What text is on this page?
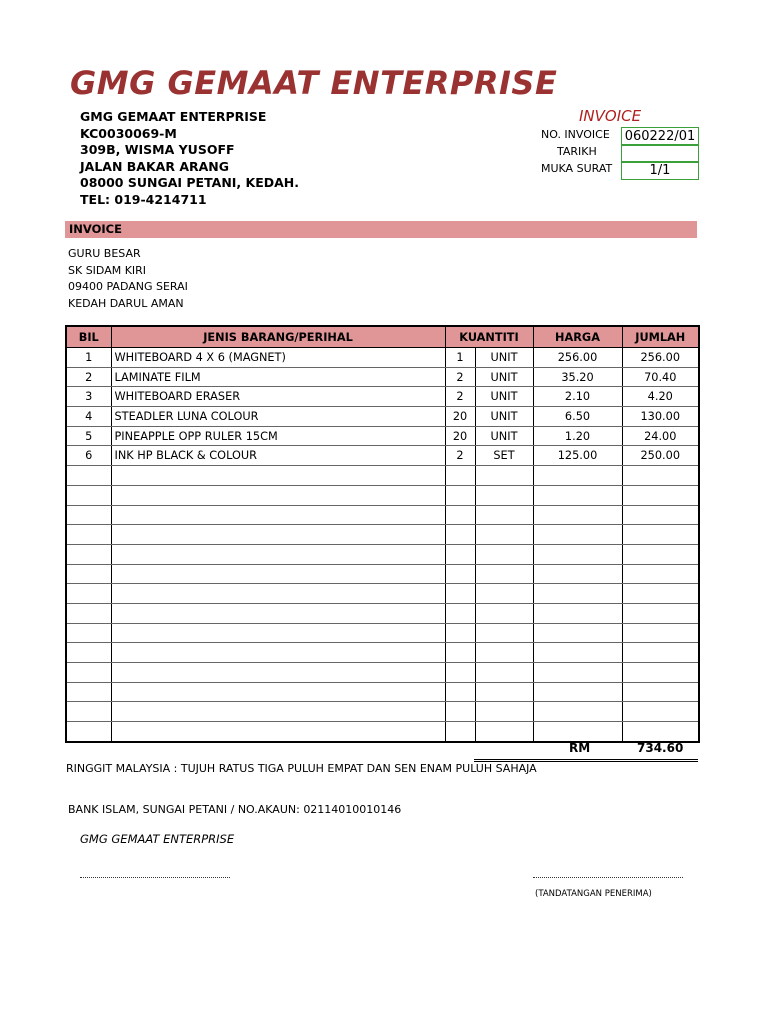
GMG GEMAAT ENTERPRISE
GMG GEMAAT ENTERPRISE
KC0030069-M
309B, WISMA YUSOFF
JALAN BAKAR ARANG
08000 SUNGAI PETANI, KEDAH.
TEL: 019-4214711
INVOICE
NO. INVOICE 060222/01
TARIKH
MUKA SURAT	1/1
INVOICE
GURU BESAR
SK SIDAM KIRI
09400 PADANG SERAI
KEDAH DARUL AMAN
BIL	JENIS BARANG/PERIHAL	KUANTITI		HARGA	JUMLAH
1	WHITEBOARD 4 X 6 (MAGNET)	1	UNIT	256.00	256.00
2	LAMINATE FILM	2	UNIT	35.20	70.40
3	WHITEBOARD ERASER	2	UNIT	2.10	4.20
4	STEADLER LUNA COLOUR	20	UNIT	6.50	130.00
5	PINEAPPLE OPP RULER 15CM	20	UNIT	1.20	24.00
6	INK HP BLACK & COLOUR	2	SET	125.00	250.00

RM	734.60
RINGGIT MALAYSIA : TUJUH RATUS TIGA PULUH EMPAT DAN SEN ENAM PULUH SAHAJA
BANK ISLAM, SUNGAI PETANI / NO.AKAUN: 02114010010146
GMG GEMAAT ENTERPRISE
(TANDATANGAN PENERIMA)
